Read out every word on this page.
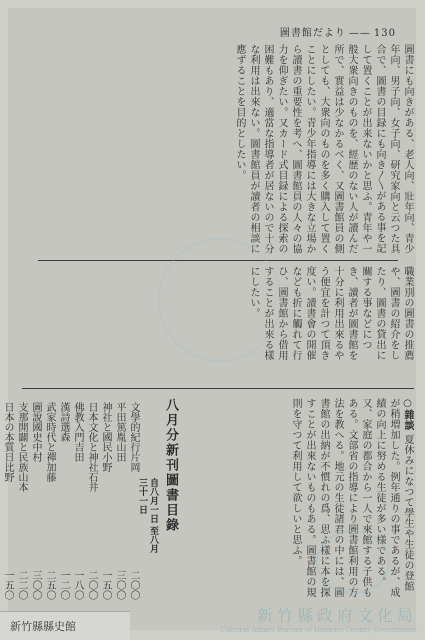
圖書館だより —— 130
圖書にも向きがある、老人向、壯年向、青少年向、男子向、女子向、研究家向と云つた具合で、圖書の目録にも向き〳〵がある事を記して置くことが出来ないかと思ふ。青年や一般大衆向きのものを、經歴のない人が讀んだ所で、實益は少なかるべく、又圖書館員の側としても、大衆向のものを多く購入して置くことにしたい。青少年指導には大きな立場から讀書の重要性を考へ、圖書館員の人々の協力を仰ぎたい。又カード式目録による探索の困難もあり、適當な指導者が居ないので十分な利用は出來ない。圖書館員が讀者の相談に應ずることを目的としたい。
職業別の圖書の推薦や、圖書の紹介をしたり、圖書の貸出に關する事などにつき、讀者が圖書館を十分に利用出來るやう便宜を計つて頂き度い。讀書會の開催なども折に觸れて行ひ、圖書館から借用することが出來る樣にしたい。
○雜談 夏休みになつて學生や生徒の登館が稍増加した。例年通りの事であるが、成績の向上に努める生徒が多い様である。又、家庭の都合から一人で來館する子供もある。文部省の指導により圖書館利用の方法を教へる。地元の生徒諸君の中には、圖書館の出納が不慣れの爲、思ふ樣に本を探すことが出來ないものもある。圖書館の規則を守つて利用して欲しいと思ふ。
八月分新刊圖書目錄
自八月一日 至八月三十一日
文學的紀行
片岡
二〇〇
平田篤胤
山田
三〇〇
神社と國民
小野
一五〇
日本文化と神社
石井
二〇〇
佛教入門
吉田
一八〇
漢詩選
森
一二〇
武家時代と禪
加藤
二五〇
圖說國史
中村
三〇〇
支那開闢と民族
山本
二二〇
日本の本質
日比野
一五〇
新竹縣縣史館
新竹縣政府文化局
Cultural Affairs Bureau of Hsinchu County Government
